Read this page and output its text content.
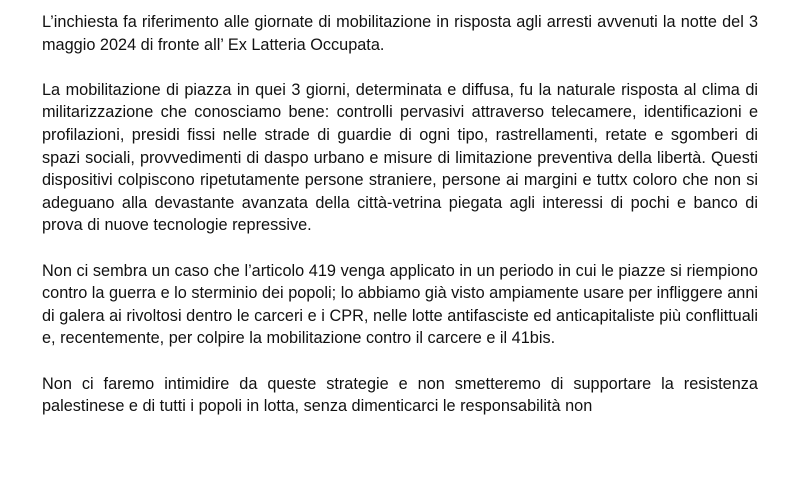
L’inchiesta fa riferimento alle giornate di mobilitazione in risposta agli arresti avvenuti la notte del 3 maggio 2024 di fronte all’ Ex Latteria Occupata.

La mobilitazione di piazza in quei 3 giorni, determinata e diffusa, fu la naturale risposta al clima di militarizzazione che conosciamo bene: controlli pervasivi attraverso telecamere, identificazioni e profilazioni, presidi fissi nelle strade di guardie di ogni tipo, rastrellamenti, retate e sgomberi di spazi sociali, provvedimenti di daspo urbano e misure di limitazione preventiva della libertà. Questi dispositivi colpiscono ripetutamente persone straniere, persone ai margini e tuttx coloro che non si adeguano alla devastante avanzata della città-vetrina piegata agli interessi di pochi e banco di prova di nuove tecnologie repressive.

Non ci sembra un caso che l’articolo 419 venga applicato in un periodo in cui le piazze si riempiono contro la guerra e lo sterminio dei popoli; lo abbiamo già visto ampiamente usare per infliggere anni di galera ai rivoltosi dentro le carceri e i CPR, nelle lotte antifasciste ed anticapitaliste più conflittuali e, recentemente, per colpire la mobilitazione contro il carcere e il 41bis.

Non ci faremo intimidire da queste strategie e non smetteremo di supportare la resistenza palestinese e di tutti i popoli in lotta, senza dimenticarci le responsabilità non
